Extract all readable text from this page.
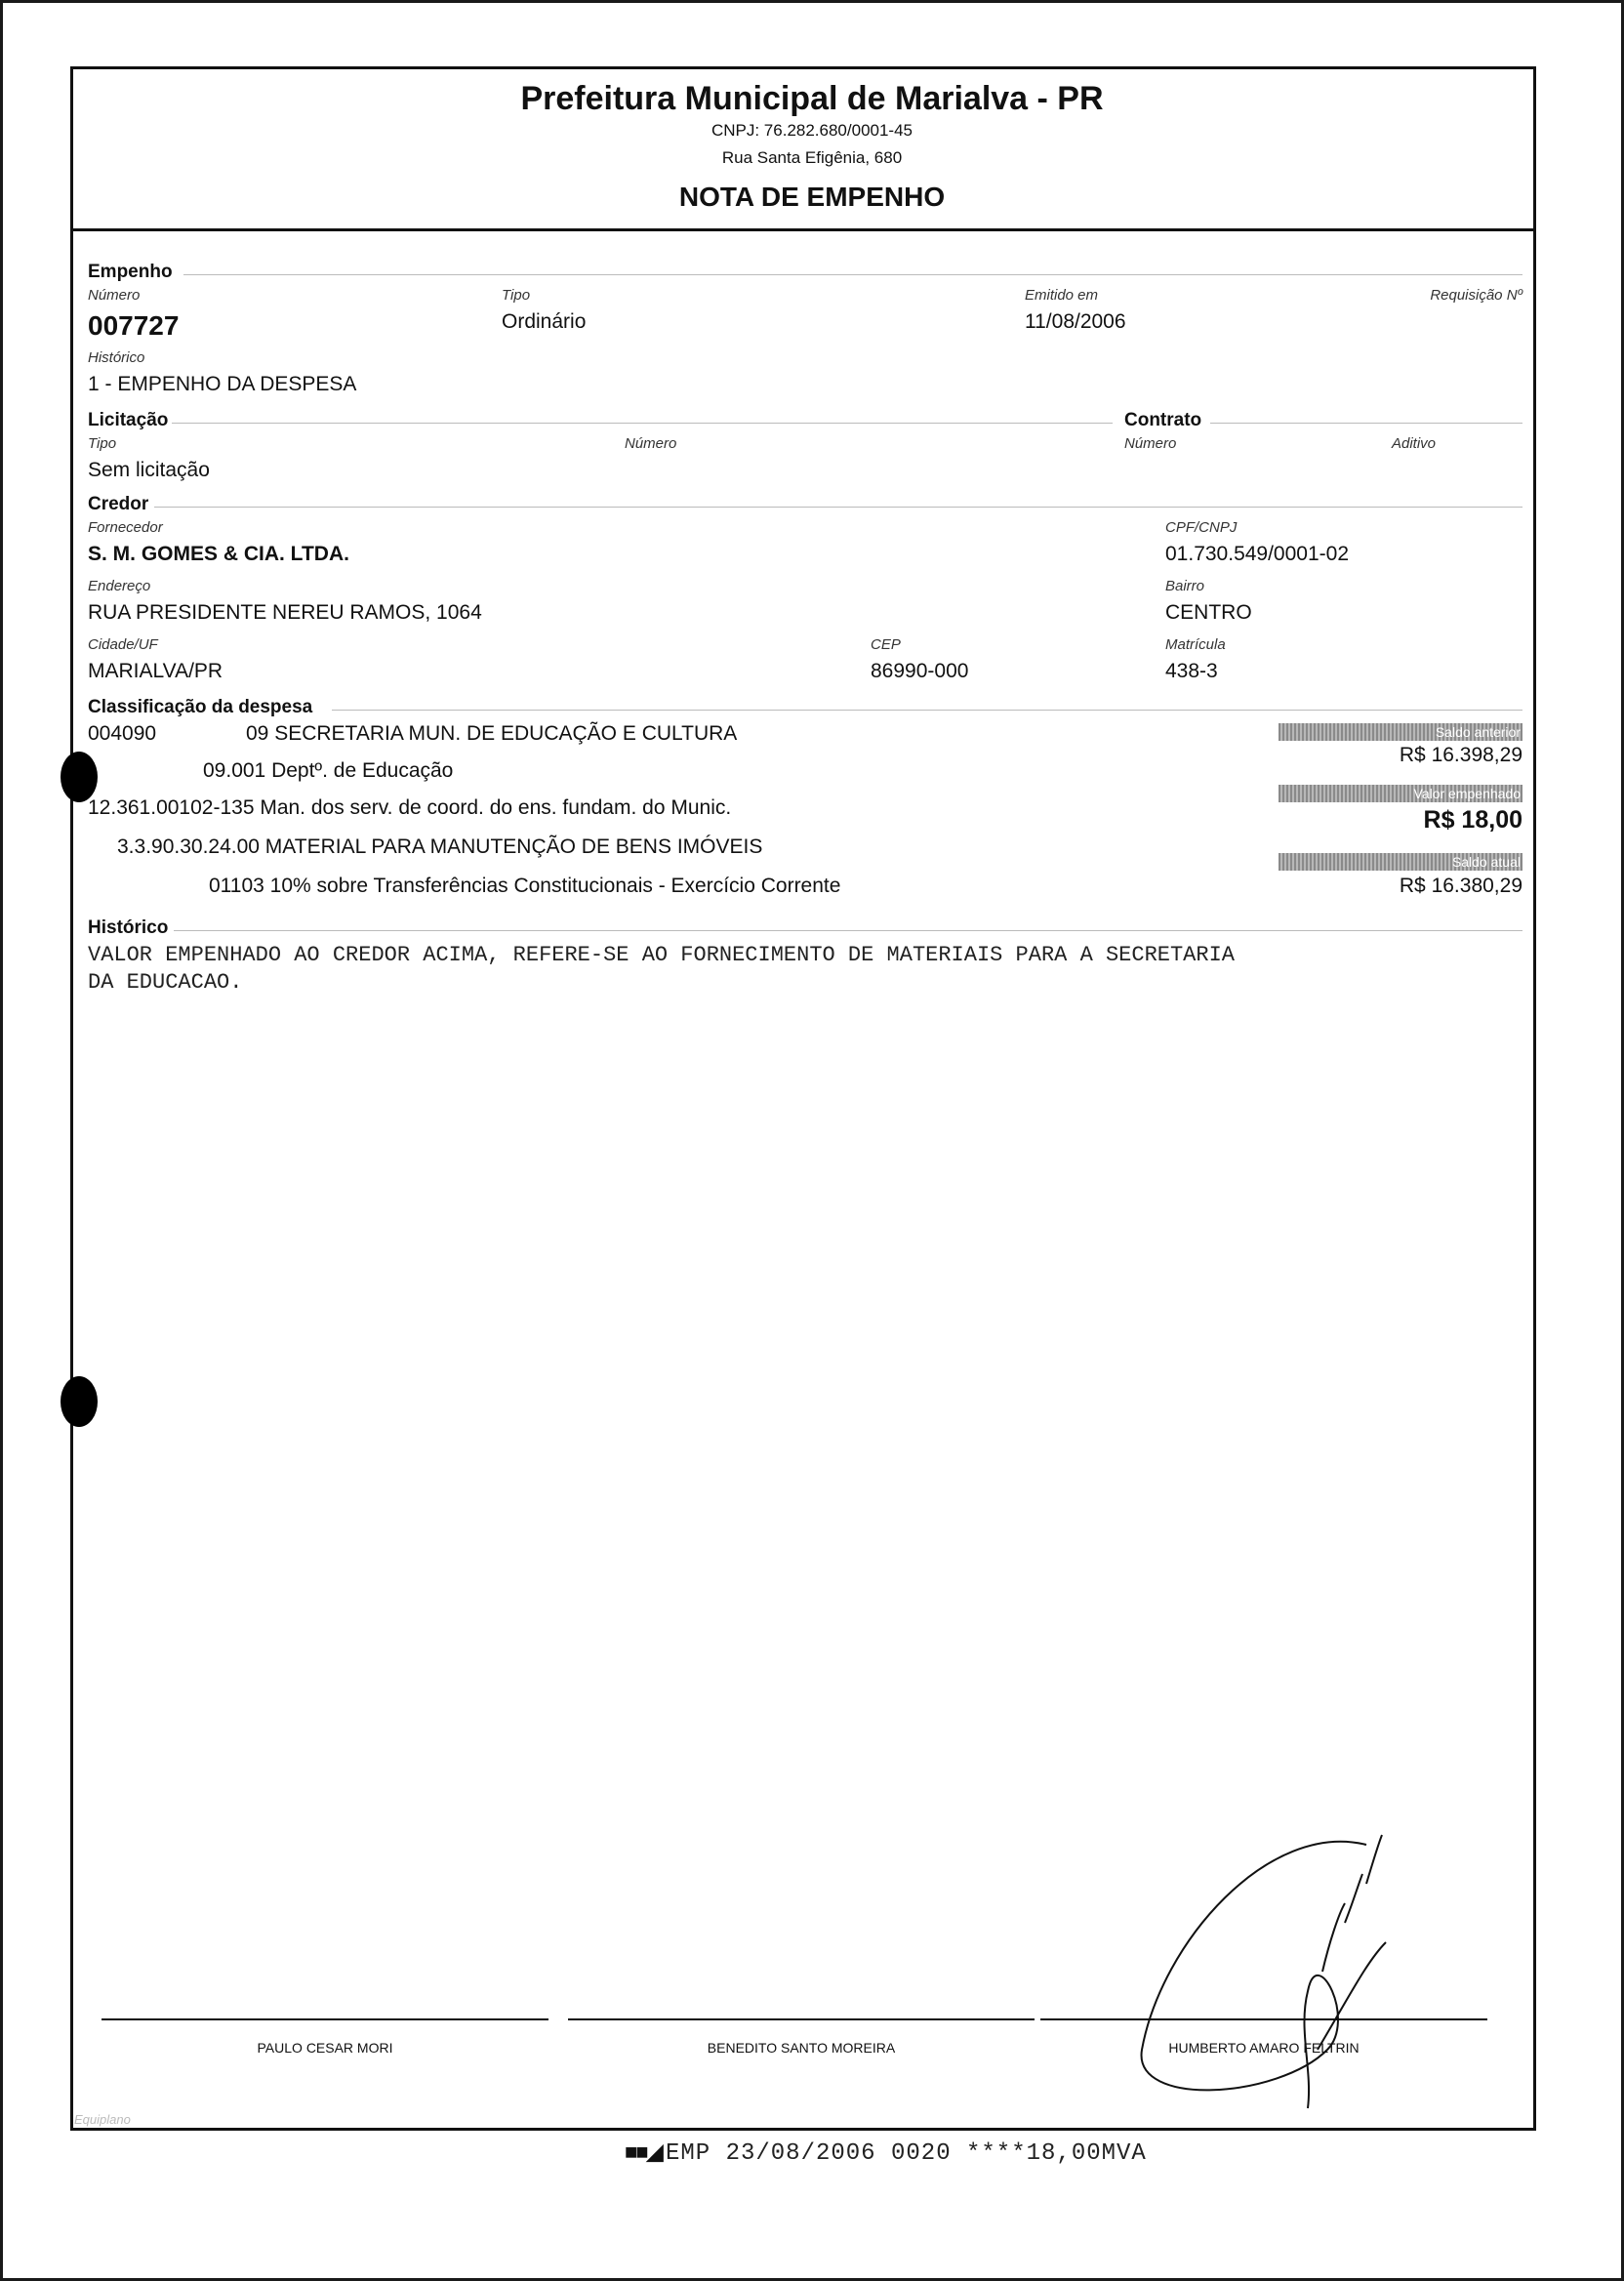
Prefeitura Municipal de Marialva - PR
CNPJ: 76.282.680/0001-45
Rua Santa Efigênia, 680
NOTA DE EMPENHO
Empenho
Número
007727
Tipo
Ordinário
Emitido em
11/08/2006
Requisição Nº
Histórico
1 - EMPENHO DA DESPESA
Licitação	Contrato
Tipo
Sem licitação
Número	Número	Aditivo
Credor
Fornecedor
S. M. GOMES & CIA. LTDA.
CPF/CNPJ
01.730.549/0001-02
Endereço
RUA PRESIDENTE NEREU RAMOS, 1064
Bairro
CENTRO
Cidade/UF
MARIALVA/PR
CEP
86990-000
Matrícula
438-3
Classificação da despesa
004090	09 SECRETARIA MUN. DE EDUCAÇÃO E CULTURA
09.001 Deptº. de Educação
12.361.00102-135 Man. dos serv. de coord. do ens. fundam. do Munic.
3.3.90.30.24.00 MATERIAL PARA MANUTENÇÃO DE BENS IMÓVEIS
01103 10% sobre Transferências Constitucionais - Exercício Corrente
Saldo anterior
R$ 16.398,29
Valor empenhado
R$ 18,00
Saldo atual
R$ 16.380,29
Histórico
VALOR EMPENHADO AO CREDOR ACIMA, REFERE-SE AO FORNECIMENTO DE MATERIAIS PARA A SECRETARIA
DA EDUCACAO.
PAULO CESAR MORI	BENEDITO SANTO MOREIRA	HUMBERTO AMARO FELTRIN
Equiplano
■■◢ EMP 23/08/2006 0020 ****18,00MVA
